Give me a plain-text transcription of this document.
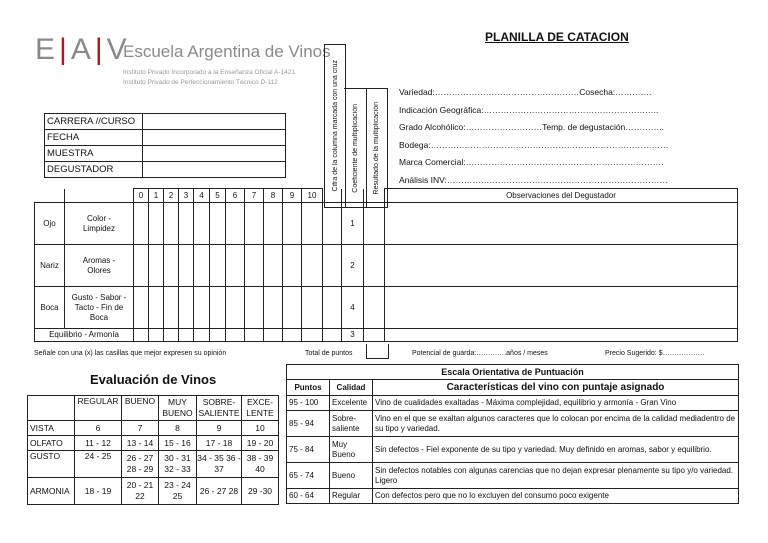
E | A | V
Escuela Argentina de Vinos
Instituto Privado Incorporado a la Enseñanza Oficial A-1421
Instituto Privado de Perfeccionamiento Técnico D-112
PLANILLA DE CATACION
CARRERA //CURSO	
FECHA	
MUESTRA	
DEGUSTADOR		Cifra de la columna marcada con una cruz Coeficiente de multiplicación Resultado de la multiplicación
Variedad:……………………………………………Cosecha:………….
Indicación Geográfica:……………………………………………………..
Grado Alcohólico:………………………Temp. de degustación…………..
Bodega:…………………………………………………………………………
Marca Comercial:…………………………………………………………….
Análisis INV:……………………………………………………………………
		0	1	2	3	4	5	6	7	8	9	10				Observaciones del Degustador
Ojo	Color - Limpidez													1		
Nariz	Aromas - Olores													2		
Boca	Gusto - Sabor - Tacto - Fin de Boca													4		
Equilibrio - Armonía														3		
Señale con una (x) las casillas que mejor expresen su opinión	Total de puntos	Potencial de guarda:………….años / meses	Precio Sugerido: $………………
Evaluación de Vinos
	REGULAR	BUENO	MUY BUENO	SOBRE-SALIENTE	EXCE-LENTE
VISTA	6	7	8	9	10
OLFATO	11 - 12	13 - 14	15 - 16	17 - 18	19 - 20
GUSTO	24 - 25	26 - 27 28 - 29	30 - 31 32 - 33	34 - 35 36 - 37	38 - 39 40
ARMONIA	18 - 19	20 - 21 22	23 - 24 25	26 - 27 28	29 -30
Escala Orientativa de Puntuación		
Puntos	Calidad	Características del vino con puntaje asignado
95 - 100	Excelente	Vino de cualidades exaltadas - Máxima complejidad, equilibrio y armonía - Gran Vino
85 - 94	Sobre-saliente	Vino en el que se exaltan algunos caracteres que lo colocan por encima de la calidad mediadentro de su tipo y variedad.
75 - 84	Muy Bueno	Sin defectos - Fiel exponente de su tipo y variedad. Muy definido en aromas, sabor y equilibrio.
65 - 74	Bueno	Sin defectos notables con algunas carencias que no dejan expresar plenamente su tipo y/o variedad. Ligero
60 - 64	Regular	Con defectos pero que no lo excluyen del consumo poco exigente
